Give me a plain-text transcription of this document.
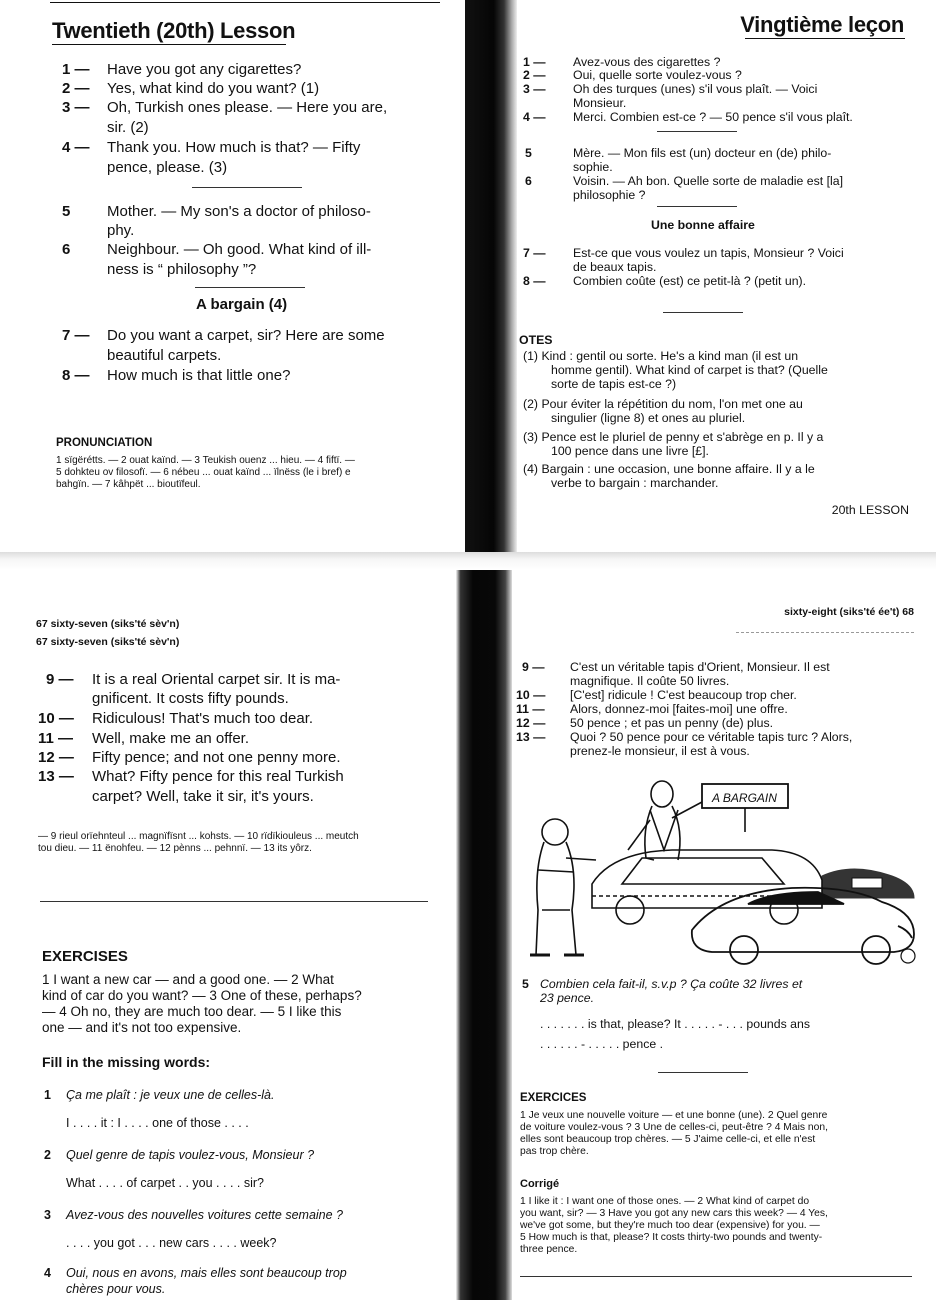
Twentieth (20th) Lesson
1 — Have you got any cigarettes?
2 — Yes, what kind do you want? (1)
3 — Oh, Turkish ones please. — Here you are,
sir. (2)
4 — Thank you. How much is that? — Fifty
pence, please. (3)
5 Mother. — My son's a doctor of philoso-
phy.
6 Neighbour. — Oh good. What kind of ill-
ness is “ philosophy ”?
A bargain (4)
7 — Do you want a carpet, sir? Here are some
beautiful carpets.
8 — How much is that little one?
PRONUNCIATION
1 sïgërétts. — 2 ouat kaïnd. — 3 Teukish ouenz ... hieu. — 4 fiftï. —
5 dohkteu ov filosofï. — 6 nébeu ... ouat kaïnd ... ïlnëss (le i bref) e
bahgïn. — 7 kâhpët ... bioutïfeul.
Vingtième leçon
1 — Avez-vous des cigarettes ?
2 — Oui, quelle sorte voulez-vous ?
3 — Oh des turques (unes) s'il vous plaît. — Voici
Monsieur.
4 — Merci. Combien est-ce ? — 50 pence s'il vous plaît.
5	Mère. — Mon fils est (un) docteur en (de) philo-
sophie.
6	Voisin. — Ah bon. Quelle sorte de maladie est [la]
philosophie ?
Une bonne affaire
7 — Est-ce que vous voulez un tapis, Monsieur ? Voici
de beaux tapis.
8 — Combien coûte (est) ce petit-là ? (petit un).
OTES
(1) Kind : gentil ou sorte. He's a kind man (il est un
homme gentil). What kind of carpet is that? (Quelle
sorte de tapis est-ce ?)
(2) Pour éviter la répétition du nom, l'on met one au
singulier (ligne 8) et ones au pluriel.
(3) Pence est le pluriel de penny et s'abrège en p. Il y a
100 pence dans une livre [£].
(4) Bargain : une occasion, une bonne affaire. Il y a le
verbe to bargain : marchander.
20th LESSON
67 sixty-seven (siks'té sèv'n)
67 sixty-seven (siks'té sèv'n)
9 — It is a real Oriental carpet sir. It is ma-
gnificent. It costs fifty pounds.
10 — Ridiculous! That's much too dear.
11 — Well, make me an offer.
12 — Fifty pence; and not one penny more.
13 — What? Fifty pence for this real Turkish
carpet? Well, take it sir, it's yours.
— 9 rieul orïehnteul ... magnïfïsnt ... kohsts. — 10 rïdïkiouleus ... meutch
tou dieu. — 11 ënohfeu. — 12 pènns ... pehnnï. — 13 its yôrz.
EXERCISES
1 I want a new car — and a good one. — 2 What
kind of car do you want? — 3 One of these, perhaps?
— 4 Oh no, they are much too dear. — 5 I like this
one — and it's not too expensive.
Fill in the missing words:
1 Ça me plaît : je veux une de celles-là.
I . . . . it : I . . . . one of those . . . .
2 Quel genre de tapis voulez-vous, Monsieur ?
What . . . . of carpet . . you . . . . sir?
3 Avez-vous des nouvelles voitures cette semaine ?
. . . . you got . . . new cars . . . . week?
4 Oui, nous en avons, mais elles sont beaucoup trop
chères pour vous.
sixty-eight (siks'té ée't) 68
9 — C'est un véritable tapis d'Orient, Monsieur. Il est
magnifique. Il coûte 50 livres.
10 — [C'est] ridicule ! C'est beaucoup trop cher.
11 — Alors, donnez-moi [faites-moi] une offre.
12 — 50 pence ; et pas un penny (de) plus.
13 — Quoi ? 50 pence pour ce véritable tapis turc ? Alors,
prenez-le monsieur, il est à vous.
A BARGAIN
5 Combien cela fait-il, s.v.p ? Ça coûte 32 livres et
23 pence.
. . . . . . . is that, please? It . . . . . - . . . pounds ans
. . . . . . - . . . . . pence .
EXERCICES
1 Je veux une nouvelle voiture — et une bonne (une). 2 Quel genre
de voiture voulez-vous ? 3 Une de celles-ci, peut-être ? 4 Mais non,
elles sont beaucoup trop chères. — 5 J'aime celle-ci, et elle n'est
pas trop chère.
Corrigé
1 I like it : I want one of those ones. — 2 What kind of carpet do
you want, sir? — 3 Have you got any new cars this week? — 4 Yes,
we've got some, but they're much too dear (expensive) for you. —
5 How much is that, please? It costs thirty-two pounds and twenty-
three pence.
